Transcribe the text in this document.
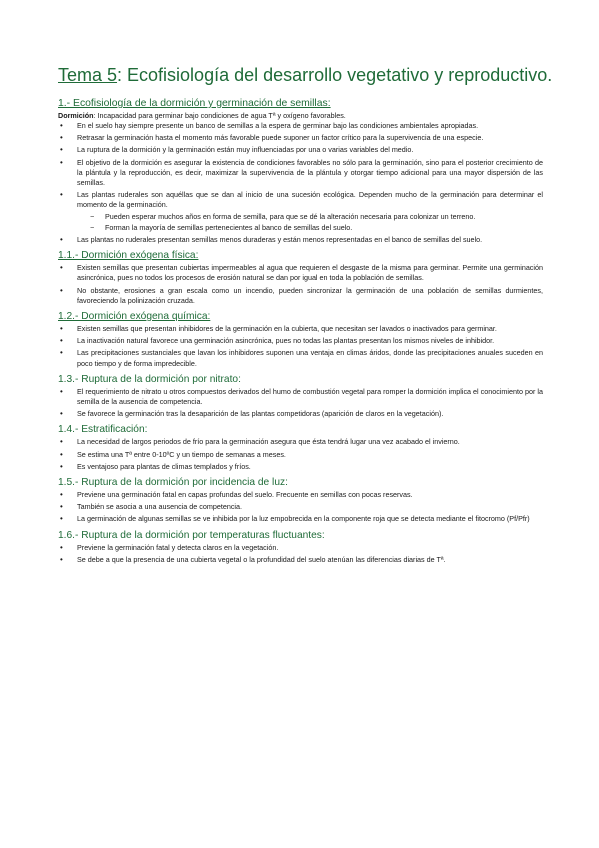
Tema 5: Ecofisiología del desarrollo vegetativo y reproductivo.
1.- Ecofisiología de la dormición y germinación de semillas:

Dormición: Incapacidad para germinar bajo condiciones de agua Tª y oxígeno favorables.

• En el suelo hay siempre presente un banco de semillas a la espera de germinar bajo las condiciones ambientales apropiadas.
• Retrasar la germinación hasta el momento más favorable puede suponer un factor crítico para la supervivencia de una especie.
• La ruptura de la dormición y la germinación están muy influenciadas por una o varias variables del medio.
• El objetivo de la dormición es asegurar la existencia de condiciones favorables no sólo para la germinación, sino para el posterior crecimiento de la plántula y la reproducción, es decir, maximizar la supervivencia de la plántula y otorgar tiempo adicional para una mayor dispersión de las semillas.
• Las plantas ruderales son aquéllas que se dan al inicio de una sucesión ecológica. Dependen mucho de la germinación para determinar el momento de la germinación.
− Pueden esperar muchos años en forma de semilla, para que se dé la alteración necesaria para colonizar un terreno.
− Forman la mayoría de semillas pertenecientes al banco de semillas del suelo.
• Las plantas no ruderales presentan semillas menos duraderas y están menos representadas en el banco de semillas del suelo.
1.1.- Dormición exógena física:
• Existen semillas que presentan cubiertas impermeables al agua que requieren el desgaste de la misma para germinar. Permite una germinación asincrónica, pues no todos los procesos de erosión natural se dan por igual en toda la población de semillas.
• No obstante, erosiones a gran escala como un incendio, pueden sincronizar la germinación de una población de semillas durmientes, favoreciendo la polinización cruzada.
1.2.- Dormición exógena química:
• Existen semillas que presentan inhibidores de la germinación en la cubierta, que necesitan ser lavados o inactivados para germinar.
• La inactivación natural favorece una germinación asincrónica, pues no todas las plantas presentan los mismos niveles de inhibidor.
• Las precipitaciones sustanciales que lavan los inhibidores suponen una ventaja en climas áridos, donde las precipitaciones anuales suceden en poco tiempo y de forma impredecible.
1.3.- Ruptura de la dormición por nitrato:
• El requerimiento de nitrato u otros compuestos derivados del humo de combustión vegetal para romper la dormición implica el conocimiento por la semilla de la ausencia de competencia.
• Se favorece la germinación tras la desaparición de las plantas competidoras (aparición de claros en la vegetación).
1.4.- Estratificación:
• La necesidad de largos periodos de frío para la germinación asegura que ésta tendrá lugar una vez acabado el invierno.
• Se estima una Tª entre 0-10ºC y un tiempo de semanas a meses.
• Es ventajoso para plantas de climas templados y fríos.
1.5.- Ruptura de la dormición por incidencia de luz:
• Previene una germinación fatal en capas profundas del suelo. Frecuente en semillas con pocas reservas.
• También se asocia a una ausencia de competencia.
• La germinación de algunas semillas se ve inhibida por la luz empobrecida en la componente roja que se detecta mediante el fitocromo (Pf/Pfr)
1.6.- Ruptura de la dormición por temperaturas fluctuantes:
• Previene la germinación fatal y detecta claros en la vegetación.
• Se debe a que la presencia de una cubierta vegetal o la profundidad del suelo atenúan las diferencias diarias de Tª.
